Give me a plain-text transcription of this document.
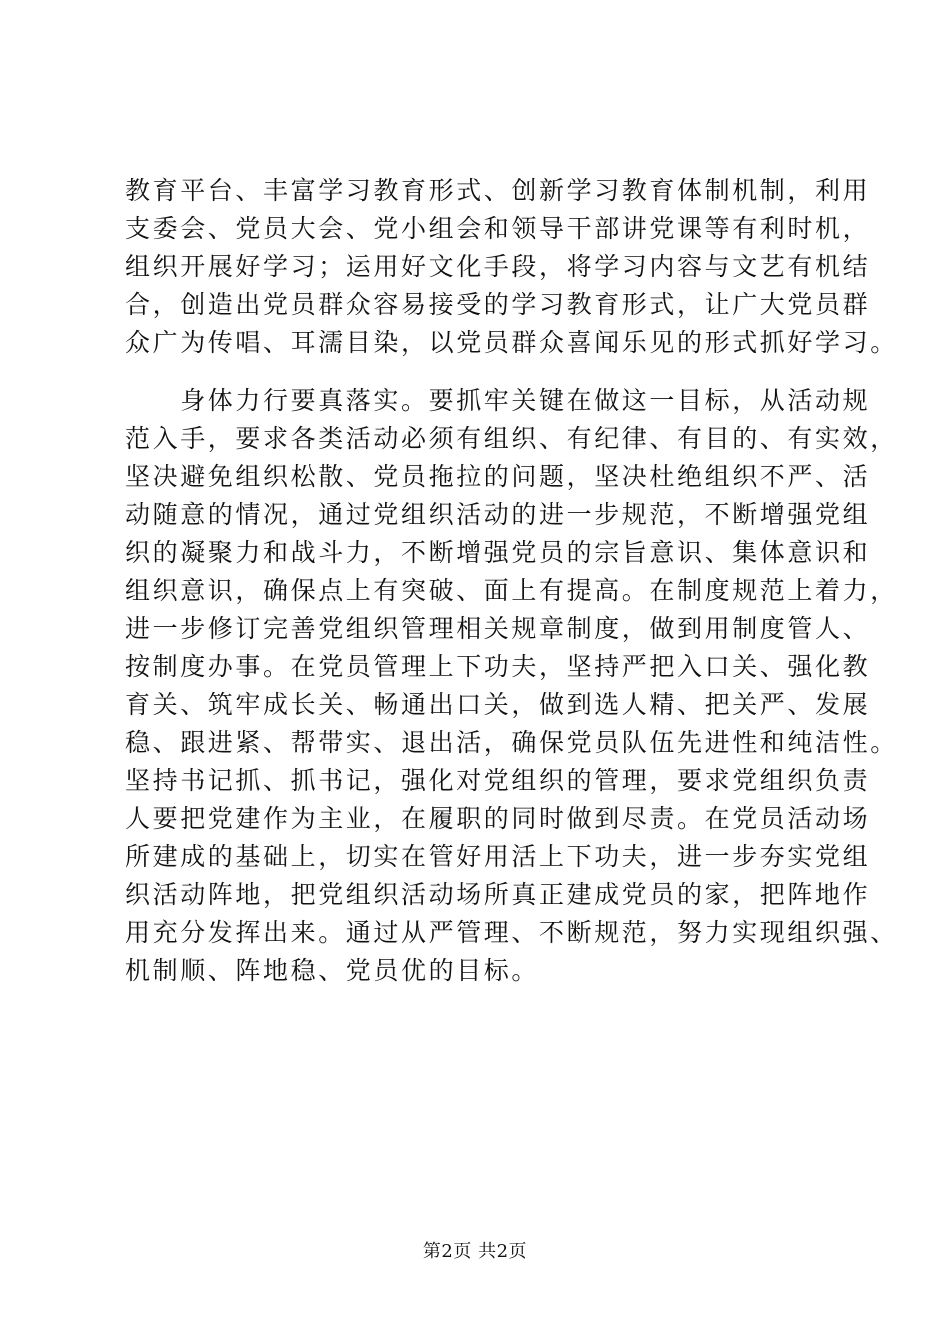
教育平台、丰富学习教育形式、创新学习教育体制机制，利用
支委会、党员大会、党小组会和领导干部讲党课等有利时机，
组织开展好学习；运用好文化手段，将学习内容与文艺有机结
合，创造出党员群众容易接受的学习教育形式，让广大党员群
众广为传唱、耳濡目染，以党员群众喜闻乐见的形式抓好学习。
　　身体力行要真落实。要抓牢关键在做这一目标，从活动规
范入手，要求各类活动必须有组织、有纪律、有目的、有实效，
坚决避免组织松散、党员拖拉的问题，坚决杜绝组织不严、活
动随意的情况，通过党组织活动的进一步规范，不断增强党组
织的凝聚力和战斗力，不断增强党员的宗旨意识、集体意识和
组织意识，确保点上有突破、面上有提高。在制度规范上着力，
进一步修订完善党组织管理相关规章制度，做到用制度管人、
按制度办事。在党员管理上下功夫，坚持严把入口关、强化教
育关、筑牢成长关、畅通出口关，做到选人精、把关严、发展
稳、跟进紧、帮带实、退出活，确保党员队伍先进性和纯洁性。
坚持书记抓、抓书记，强化对党组织的管理，要求党组织负责
人要把党建作为主业，在履职的同时做到尽责。在党员活动场
所建成的基础上，切实在管好用活上下功夫，进一步夯实党组
织活动阵地，把党组织活动场所真正建成党员的家，把阵地作
用充分发挥出来。通过从严管理、不断规范，努力实现组织强、
机制顺、阵地稳、党员优的目标。
第2页 共2页
